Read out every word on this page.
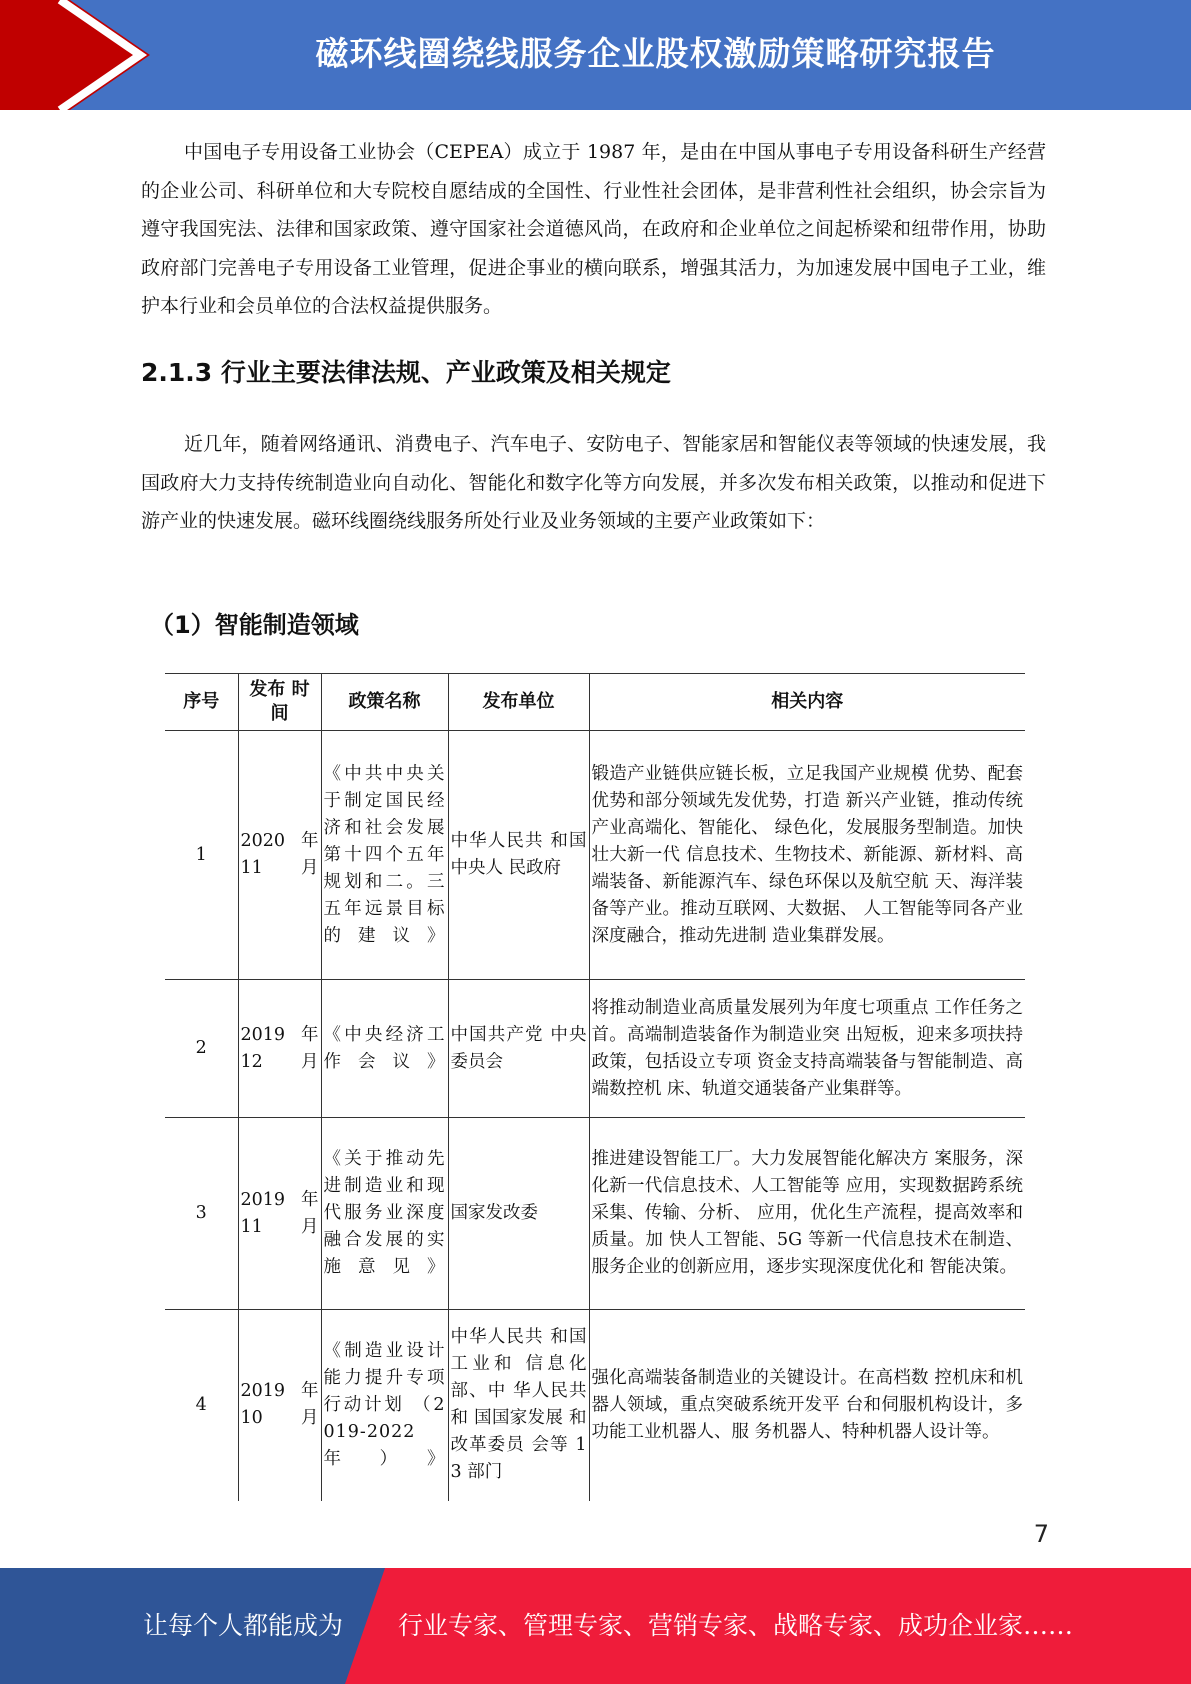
磁环线圈绕线服务企业股权激励策略研究报告

中国电子专用设备工业协会（CEPEA）成立于 1987 年，是由在中国从事电子专用设备科研生产经营的企业公司、科研单位和大专院校自愿结成的全国性、行业性社会团体，是非营利性社会组织，协会宗旨为遵守我国宪法、法律和国家政策、遵守国家社会道德风尚，在政府和企业单位之间起桥梁和纽带作用，协助政府部门完善电子专用设备工业管理，促进企事业的横向联系，增强其活力，为加速发展中国电子工业，维护本行业和会员单位的合法权益提供服务。

2.1.3 行业主要法律法规、产业政策及相关规定

近几年，随着网络通讯、消费电子、汽车电子、安防电子、智能家居和智能仪表等领域的快速发展，我国政府大力支持传统制造业向自动化、智能化和数字化等方向发展，并多次发布相关政策，以推动和促进下游产业的快速发展。磁环线圈绕线服务所处行业及业务领域的主要产业政策如下：

（1）智能制造领域
序号	发布 时间	政策名称	发布单位	相关内容
1	2020 年 11 月	《中共中央关于制定国民经济和社会发展第十四个五年规划和二。三五年远景目标的建议》	中华人民共 和国中央人 民政府	锻造产业链供应链长板，立足我国产业规模 优势、配套优势和部分领域先发优势，打造 新兴产业链，推动传统产业高端化、智能化、 绿色化，发展服务型制造。加快壮大新一代 信息技术、生物技术、新能源、新材料、高 端装备、新能源汽车、绿色环保以及航空航 天、海洋装备等产业。推动互联网、大数据、 人工智能等同各产业深度融合，推动先进制 造业集群发展。
2	2019 年 12 月	《中央经济工作会议》	中国共产党 中央委员会	将推动制造业高质量发展列为年度七项重点 工作任务之首。高端制造装备作为制造业突 出短板，迎来多项扶持政策，包括设立专项 资金支持高端装备与智能制造、高端数控机 床、轨道交通装备产业集群等。
3	2019 年 11 月	《关于推动先进制造业和现代服务业深度融合发展的实施意见》	国家发改委	推进建设智能工厂。大力发展智能化解决方 案服务，深化新一代信息技术、人工智能等 应用，实现数据跨系统采集、传输、分析、 应用，优化生产流程，提高效率和质量。加 快人工智能、5G 等新一代信息技术在制造、 服务企业的创新应用，逐步实现深度优化和 智能决策。
4	2019 年 10 月	《制造业设计能力提升专项行动计划 （2019-2022 年）》	中华人民共 和国工业和 信息化部、中 华人民共和 国国家发展 和改革委员 会等 13 部门	强化高端装备制造业的关键设计。在高档数 控机床和机器人领域，重点突破系统开发平 台和伺服机构设计，多功能工业机器人、服 务机器人、特种机器人设计等。
7
让每个人都能成为 行业专家、管理专家、营销专家、战略专家、成功企业家……
